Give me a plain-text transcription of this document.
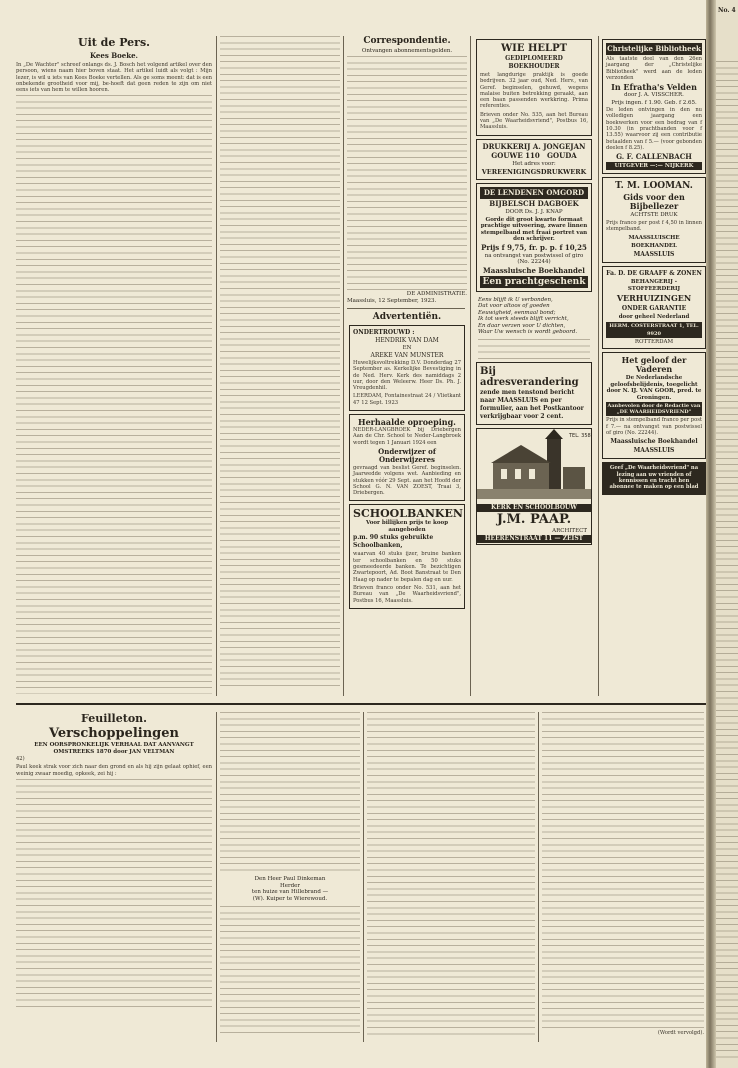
Uit de Pers.
Kees Boeke.
In „De Wachter" schreef onlangs ds. J. Bosch het volgend artikel over den persoon, wiens naam hier boven staat. Het artikel luidt als volgt : Mijn lezer, is wil u iets van Kees Boeke vertellen. Als ge soms meent: dat is een onbekende grootheid voor mij, be-hoeft dat geen reden te zijn om niet eens iets van hem te willen hooren.
Feuilleton.
Verschoppelingen
EEN OORSPRONKELIJK VERHAAL DAT AANVANGT OMSTREEKS 1870 door JAN VELTMAN
42)
Paul keek strak voor zich naar den grond en als hij zijn gelaat ophief, een weinig zwaar moedig, opkeek, zei hij :
Den Heer Paul Dinkeman
Herder
ten huize van Hillebrand —
(W). Kuiper te Wierewoud.
(Wordt vervolgd).
Correspondentie.
Ontvangen abonnementsgelden.
DE ADMINISTRATIE.
Maassluis, 12 September, 1923.
Advertentiën.
ONDERTROUWD :
HENDRIK VAN DAM
EN
AREKE VAN MUNSTER
Huwelijksvoltrekking D.V. Donderdag 27 September as. Kerkelijke Bevestiging in de Ned. Herv. Kerk des namiddags 2 uur, door den Weleerw. Heer Ds. Ph. J. Vreugdenhil.
LEERDAM, Fontainestraat 24 / Vlietkant 47 12 Sept. 1923
Herhaalde oproeping.
NEDER-LANGBROEK bij Driebergen Aan de Chr. School te Neder-Langbroek wordt tegen 1 Januari 1924 een
Onderwijzer of Onderwijzeres
gevraagd van beslist Geref. beginselen. Jaarwedde volgens wet. Aanbieding en stukken vóór 29 Sept. aan het Hoofd der School G. N. VAN ZOEST, Traai 3, Driebergen.
SCHOOLBANKEN
Voor billijken prijs te koop aangeboden
p.m. 90 stuks gebruikte Schoolbanken,
waarvan 40 stuks ijzer, bruine banken ter schoolbanken en 50 stuks gesmeedeerde banken. Te bezichtigen Zwartepoort, Ad. Boot Banstraat te Den Haag op nader te bepalen dag en uur.
Brieven franco onder No. 531, aan het Bureau van „De Waarheidsvriend", Postbus 16, Maassluis.
WIE HELPT
GEDIPLOMEERD BOEKHOUDER
met langdurige praktijk is goede bedrijven. 32 jaar oud, Ned. Herv., van Geref. beginselen, gehuwd, wegens malaise buiten betrekking geraakt, aan een baan passenden werkkring. Prima referenties.
Brieven onder No. 535, aan het Bureau van „De Waarheidsvriend", Postbus 16, Maassluis.
DRUKKERIJ A. JONGEJAN
GOUWE 110 GOUDA
Het adres voor:
VEREENIGINGSDRUKWERK
DE LENDENEN OMGORD
BIJBELSCH DAGBOEK
DOOR Ds. J. J. KNAP
Gorde dit groot kwarto formaat prachtige uitvoering, zware linnen stempelband met fraai portret van den schrijver.
Prijs f 9,75, fr. p. p. f 10,25
na ontvangst van postwissel of giro (No. 22244)
Maassluische Boekhandel
Een prachtgeschenk
Eens blijft ik U verbonden,
Dat voor altoos of goeden
Eeuwigheid, eenmaal bond;
Ik tot werk steeds blijft verricht,
En daar verzen voor U dichten,
Waar Uw wensch is wordt geboord.
Bij adresverandering
zende men tenstond bericht naar MAASSLUIS en per formulier, aan het Postkantoor verkrijgbaar voor 2 cent.
TEL. 358
KERK EN SCHOOLBOUW
J.M. PAAP.
ARCHITECT
HEERENSTRAAT 11 — ZEIST
Christelijke Bibliotheek
Als taatste deel van den 26en jaargang der „Christelijke Bibliotheek" werd aan de leden verzonden
In Efratha's Velden
door J. A. VISSCHER.
Prijs ingen. f 1.90. Geb. f 2.65.
De leden ontvingen in den nu volledigen jaargang een boekwerken voor een bedrag van f 10.30 (in prachtbanden voor f 13.55) waarvoor zij een contributie betaalden van f 5.— (voor gebonden deelen f 8.25).
G. F. CALLENBACH
UITGEVER —:— NIJKERK
T. M. LOOMAN.
Gids voor den Bijbellezer
ACHTSTE DRUK
Prijs franco per post f 4,50 in linnen stempelband.
MAASSLUISCHE BOEKHANDEL
MAASSLUIS
Fa. D. DE GRAAFF & ZONEN
BEHANGERIJ - STOFFEERDERIJ
VERHUIZINGEN
ONDER GARANTIE
door geheel Nederland
HERM. COSTERSTRAAT 1, TEL. 9920
ROTTERDAM
Het geloof der Vaderen
De Nederlandsche geloofsbelijdenis, toegelicht door N. IJ. VAN GOOR, pred. te Groningen.
Aanbevolen door de Redactie van „DE WAARHEIDSVRIEND"
Prijs in stempelband franco per post f 7.— na ontvangst van postwissel of giro (No. 22244).
Maassluische Boekhandel
MAASSLUIS
Geef „De Waarheidsvriend" na lezing aan uw vrienden of kennissen en tracht hen abonnee te maken op een blad
No. 4
